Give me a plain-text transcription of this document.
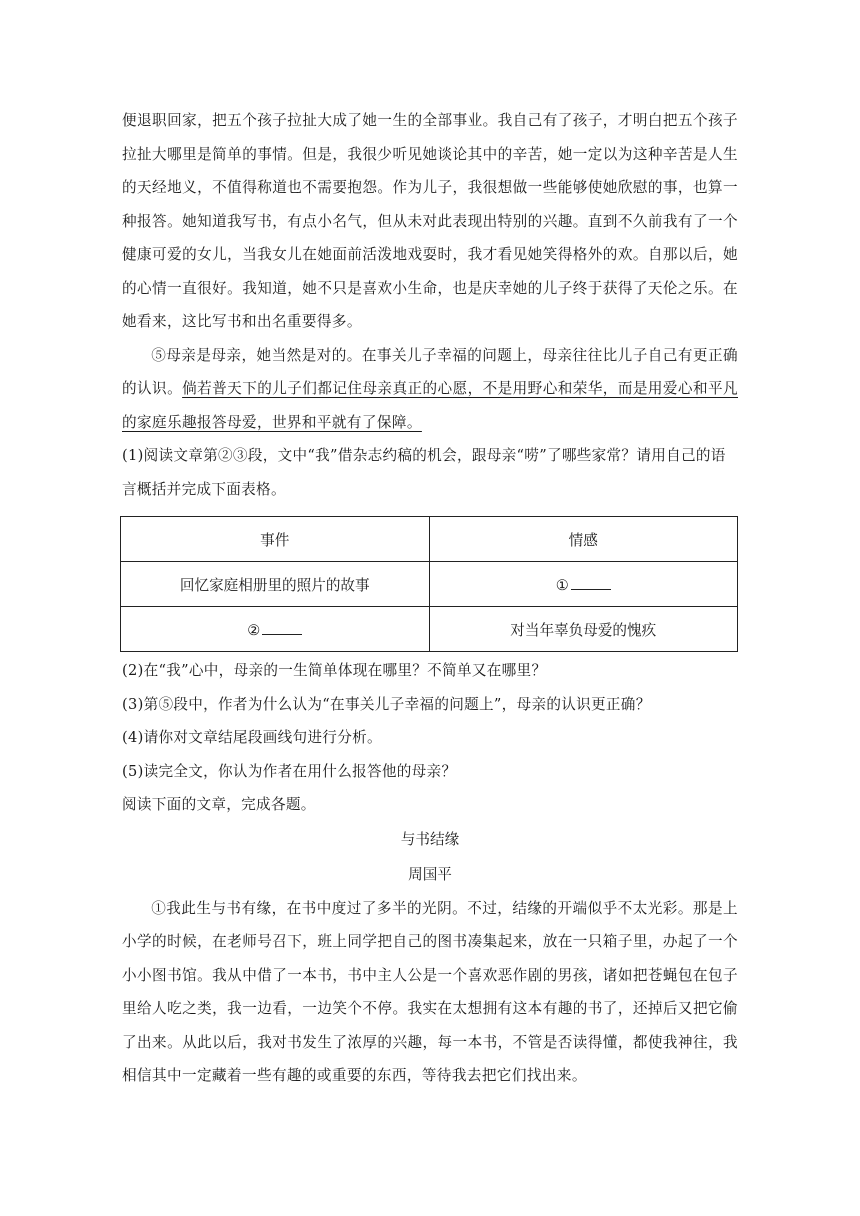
便退职回家，把五个孩子拉扯大成了她一生的全部事业。我自己有了孩子，才明白把五个孩子拉扯大哪里是简单的事情。但是，我很少听见她谈论其中的辛苦，她一定以为这种辛苦是人生的天经地义，不值得称道也不需要抱怨。作为儿子，我很想做一些能够使她欣慰的事，也算一种报答。她知道我写书，有点小名气，但从未对此表现出特别的兴趣。直到不久前我有了一个健康可爱的女儿，当我女儿在她面前活泼地戏耍时，我才看见她笑得格外的欢。自那以后，她的心情一直很好。我知道，她不只是喜欢小生命，也是庆幸她的儿子终于获得了天伦之乐。在她看来，这比写书和出名重要得多。

⑤母亲是母亲，她当然是对的。在事关儿子幸福的问题上，母亲往往比儿子自己有更正确的认识。倘若普天下的儿子们都记住母亲真正的心愿，不是用野心和荣华，而是用爱心和平凡的家庭乐趣报答母爱，世界和平就有了保障。

(1)阅读文章第②③段，文中“我”借杂志约稿的机会，跟母亲“唠”了哪些家常？请用自己的语言概括并完成下面表格。

事件	情感
回忆家庭相册里的照片的故事	①
②	对当年辜负母爱的愧疚

(2)在“我”心中，母亲的一生简单体现在哪里？不简单又在哪里？

(3)第⑤段中，作者为什么认为“在事关儿子幸福的问题上”，母亲的认识更正确？

(4)请你对文章结尾段画线句进行分析。

(5)读完全文，你认为作者在用什么报答他的母亲？

阅读下面的文章，完成各题。

与书结缘

周国平

①我此生与书有缘，在书中度过了多半的光阴。不过，结缘的开端似乎不太光彩。那是上小学的时候，在老师号召下，班上同学把自己的图书凑集起来，放在一只箱子里，办起了一个小小图书馆。我从中借了一本书，书中主人公是一个喜欢恶作剧的男孩，诸如把苍蝇包在包子里给人吃之类，我一边看，一边笑个不停。我实在太想拥有这本有趣的书了，还掉后又把它偷了出来。从此以后，我对书发生了浓厚的兴趣，每一本书，不管是否读得懂，都使我神往，我相信其中一定藏着一些有趣的或重要的东西，等待我去把它们找出来。
